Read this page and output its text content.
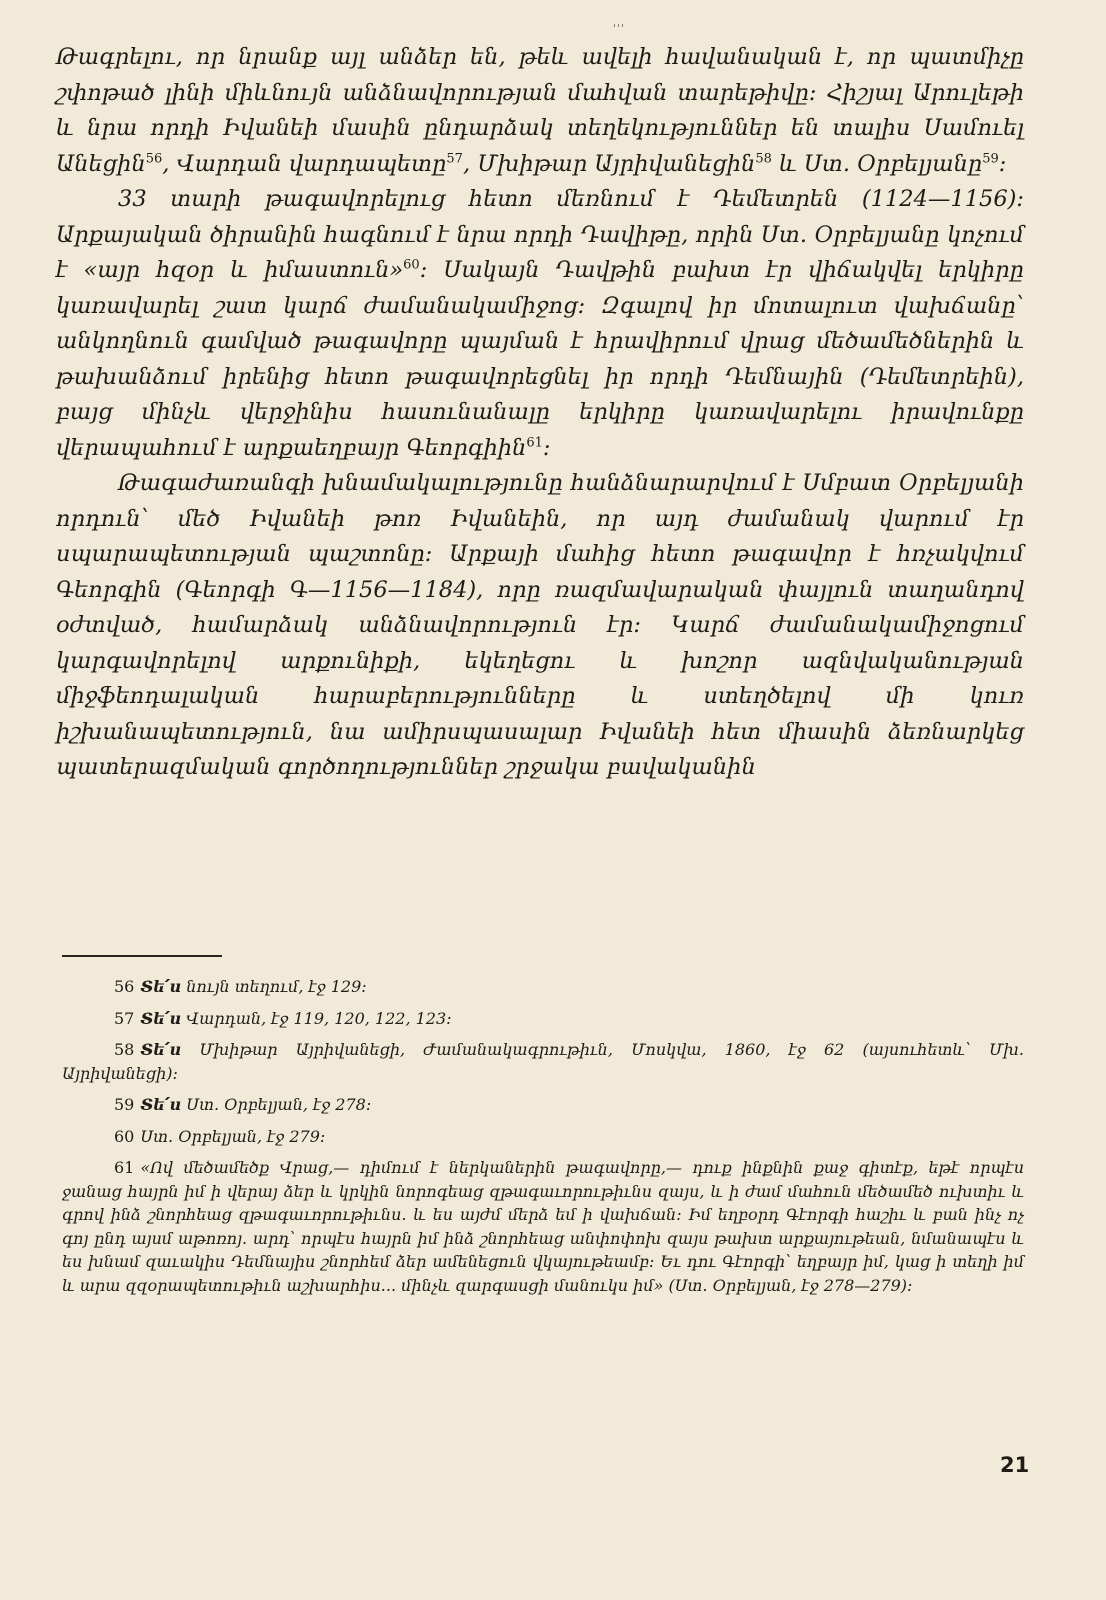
'''

Թագրելու, որ նրանք այլ անձեր են, թեև ավելի հավանական է, որ պատմիչը շփոթած լինի միևնույն անձնավորության մահվան տարեթիվը: Հիշյալ Արուլեթի և նրա որդի Իվանեի մասին ընդարձակ տեղեկություններ են տալիս Սամուել Անեցին$^{56}$, Վարդան վարդապետը$^{57}$, Մխիթար Այրիվանեցին$^{58}$ և Ստ. Օրբելյանը$^{59}$:

33 տարի թագավորելուց հետո մեռնում է Դեմետրեն (1124—1156): Արքայական ծիրանին հագնում է նրա որդի Դավիթը, որին Ստ. Օրբելյանը կոչում է «այր հզօր և իմաստուն»$^{60}$: Սակայն Դավթին բախտ էր վիճակվել երկիրը կառավարել շատ կարճ ժամանակամիջոց: Զգալով իր մոտալուտ վախճանը՝ անկողնուն գամված թագավորը պայման է հրավիրում վրաց մեծամեծներին և թախանձում իրենից հետո թագավորեցնել իր որդի Դեմնային (Դեմետրեին), բայց մինչև վերջինիս հասունանալը երկիրը կառավարելու իրավունքը վերապահում է արքաեղբայր Գեորգիին$^{61}$:

Թագաժառանգի խնամակալությունը հանձնարարվում է Սմբատ Օրբելյանի որդուն՝ մեծ Իվանեի թոռ Իվանեին, որ այդ ժամանակ վարում էր սպարապետության պաշտոնը: Արքայի մահից հետո թագավոր է հռչակվում Գեորգին (Գեորգի Գ—1156—1184), որը ռազմավարական փայլուն տաղանդով օժտված, համարձակ անձնավորություն էր: Կարճ ժամանակամիջոցում կարգավորելով արքունիքի, եկեղեցու և խոշոր ազնվականության միջֆեոդալական հարաբերությունները և ստեղծելով մի կուռ իշխանապետություն, նա ամիրսպասալար Իվանեի հետ միասին ձեռնարկեց պատերազմական գործողություններ շրջակա բավականին

56 Տե՛ս նույն տեղում, էջ 129:

57 Տե՛ս Վարդան, էջ 119, 120, 122, 123:

58 Տե՛ս Մխիթար Այրիվանեցի, Ժամանակագրութիւն, Մոսկվա, 1860, էջ 62 (այսուհետև՝ Մխ. Այրիվանեցի):

59 Տե՛ս Ստ. Օրբելյան, էջ 278:

60 Ստ. Օրբելյան, էջ 279:

61 «Ով մեծամեծք Վրաց,— դիմում է ներկաներին թագավորը,— դուք ինքնին քաջ գիտէք, եթէ որպէս ջանաց հայրն իմ ի վերայ ձեր և կրկին նորոգեաց զթագաւորութիւնս զայս, և ի ժամ մահուն մեծամեծ ուխտիւ և գրով ինձ շնորհեաց զթագաւորութիւնս. և ես այժմ մերձ եմ ի վախճան: Իմ եղբօրդ Գէորգի հաշիւ և բան ինչ ոչ գոյ ընդ այսմ աթոռոյ. արդ՝ որպէս հայրն իմ ինձ շնորհեաց անփոփոխ զայս թախտ արքայութեան, նմանապէս և ես խնամ զաւակիս Դեմնայիս շնորհեմ ձեր ամենեցուն վկայութեամբ: Եւ դու Գէորգի՝ եղբայր իմ, կաց ի տեղի իմ և արա զզօրապետութիւն աշխարհիս... մինչև զարգասցի մանուկս իմ» (Ստ. Օրբելյան, էջ 278—279):

21
